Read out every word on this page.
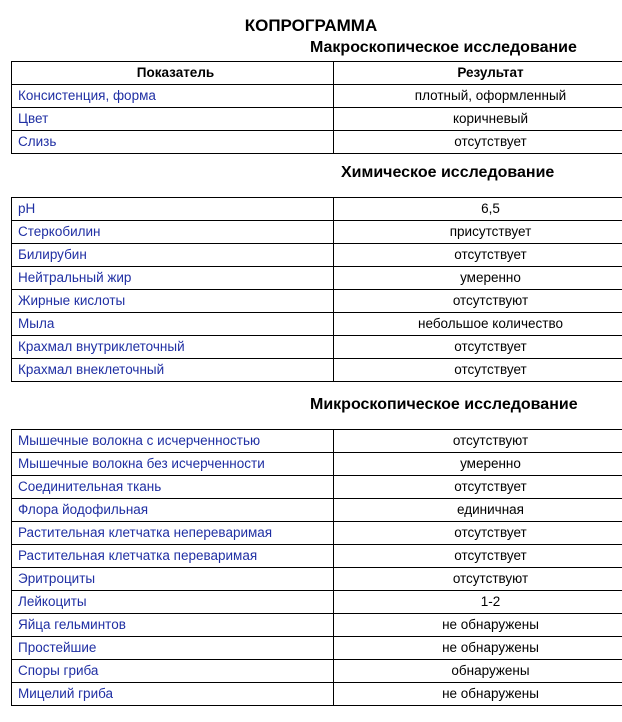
КОПРОГРАММА
Макроскопическое исследование
Показатель	Результат
Консистенция, форма	плотный, оформленный
Цвет	коричневый
Слизь	отсутствует
Химическое исследование
pH	6,5
Стеркобилин	присутствует
Билирубин	отсутствует
Нейтральный жир	умеренно
Жирные кислоты	отсутствуют
Мыла	небольшое количество
Крахмал внутриклеточный	отсутствует
Крахмал внеклеточный	отсутствует
Микроскопическое исследование
Мышечные волокна с исчерченностью	отсутствуют
Мышечные волокна без исчерченности	умеренно
Соединительная ткань	отсутствует
Флора йодофильная	единичная
Растительная клетчатка непереваримая	отсутствует
Растительная клетчатка переваримая	отсутствует
Эритроциты	отсутствуют
Лейкоциты	1-2
Яйца гельминтов	не обнаружены
Простейшие	не обнаружены
Споры гриба	обнаружены
Мицелий гриба	не обнаружены
